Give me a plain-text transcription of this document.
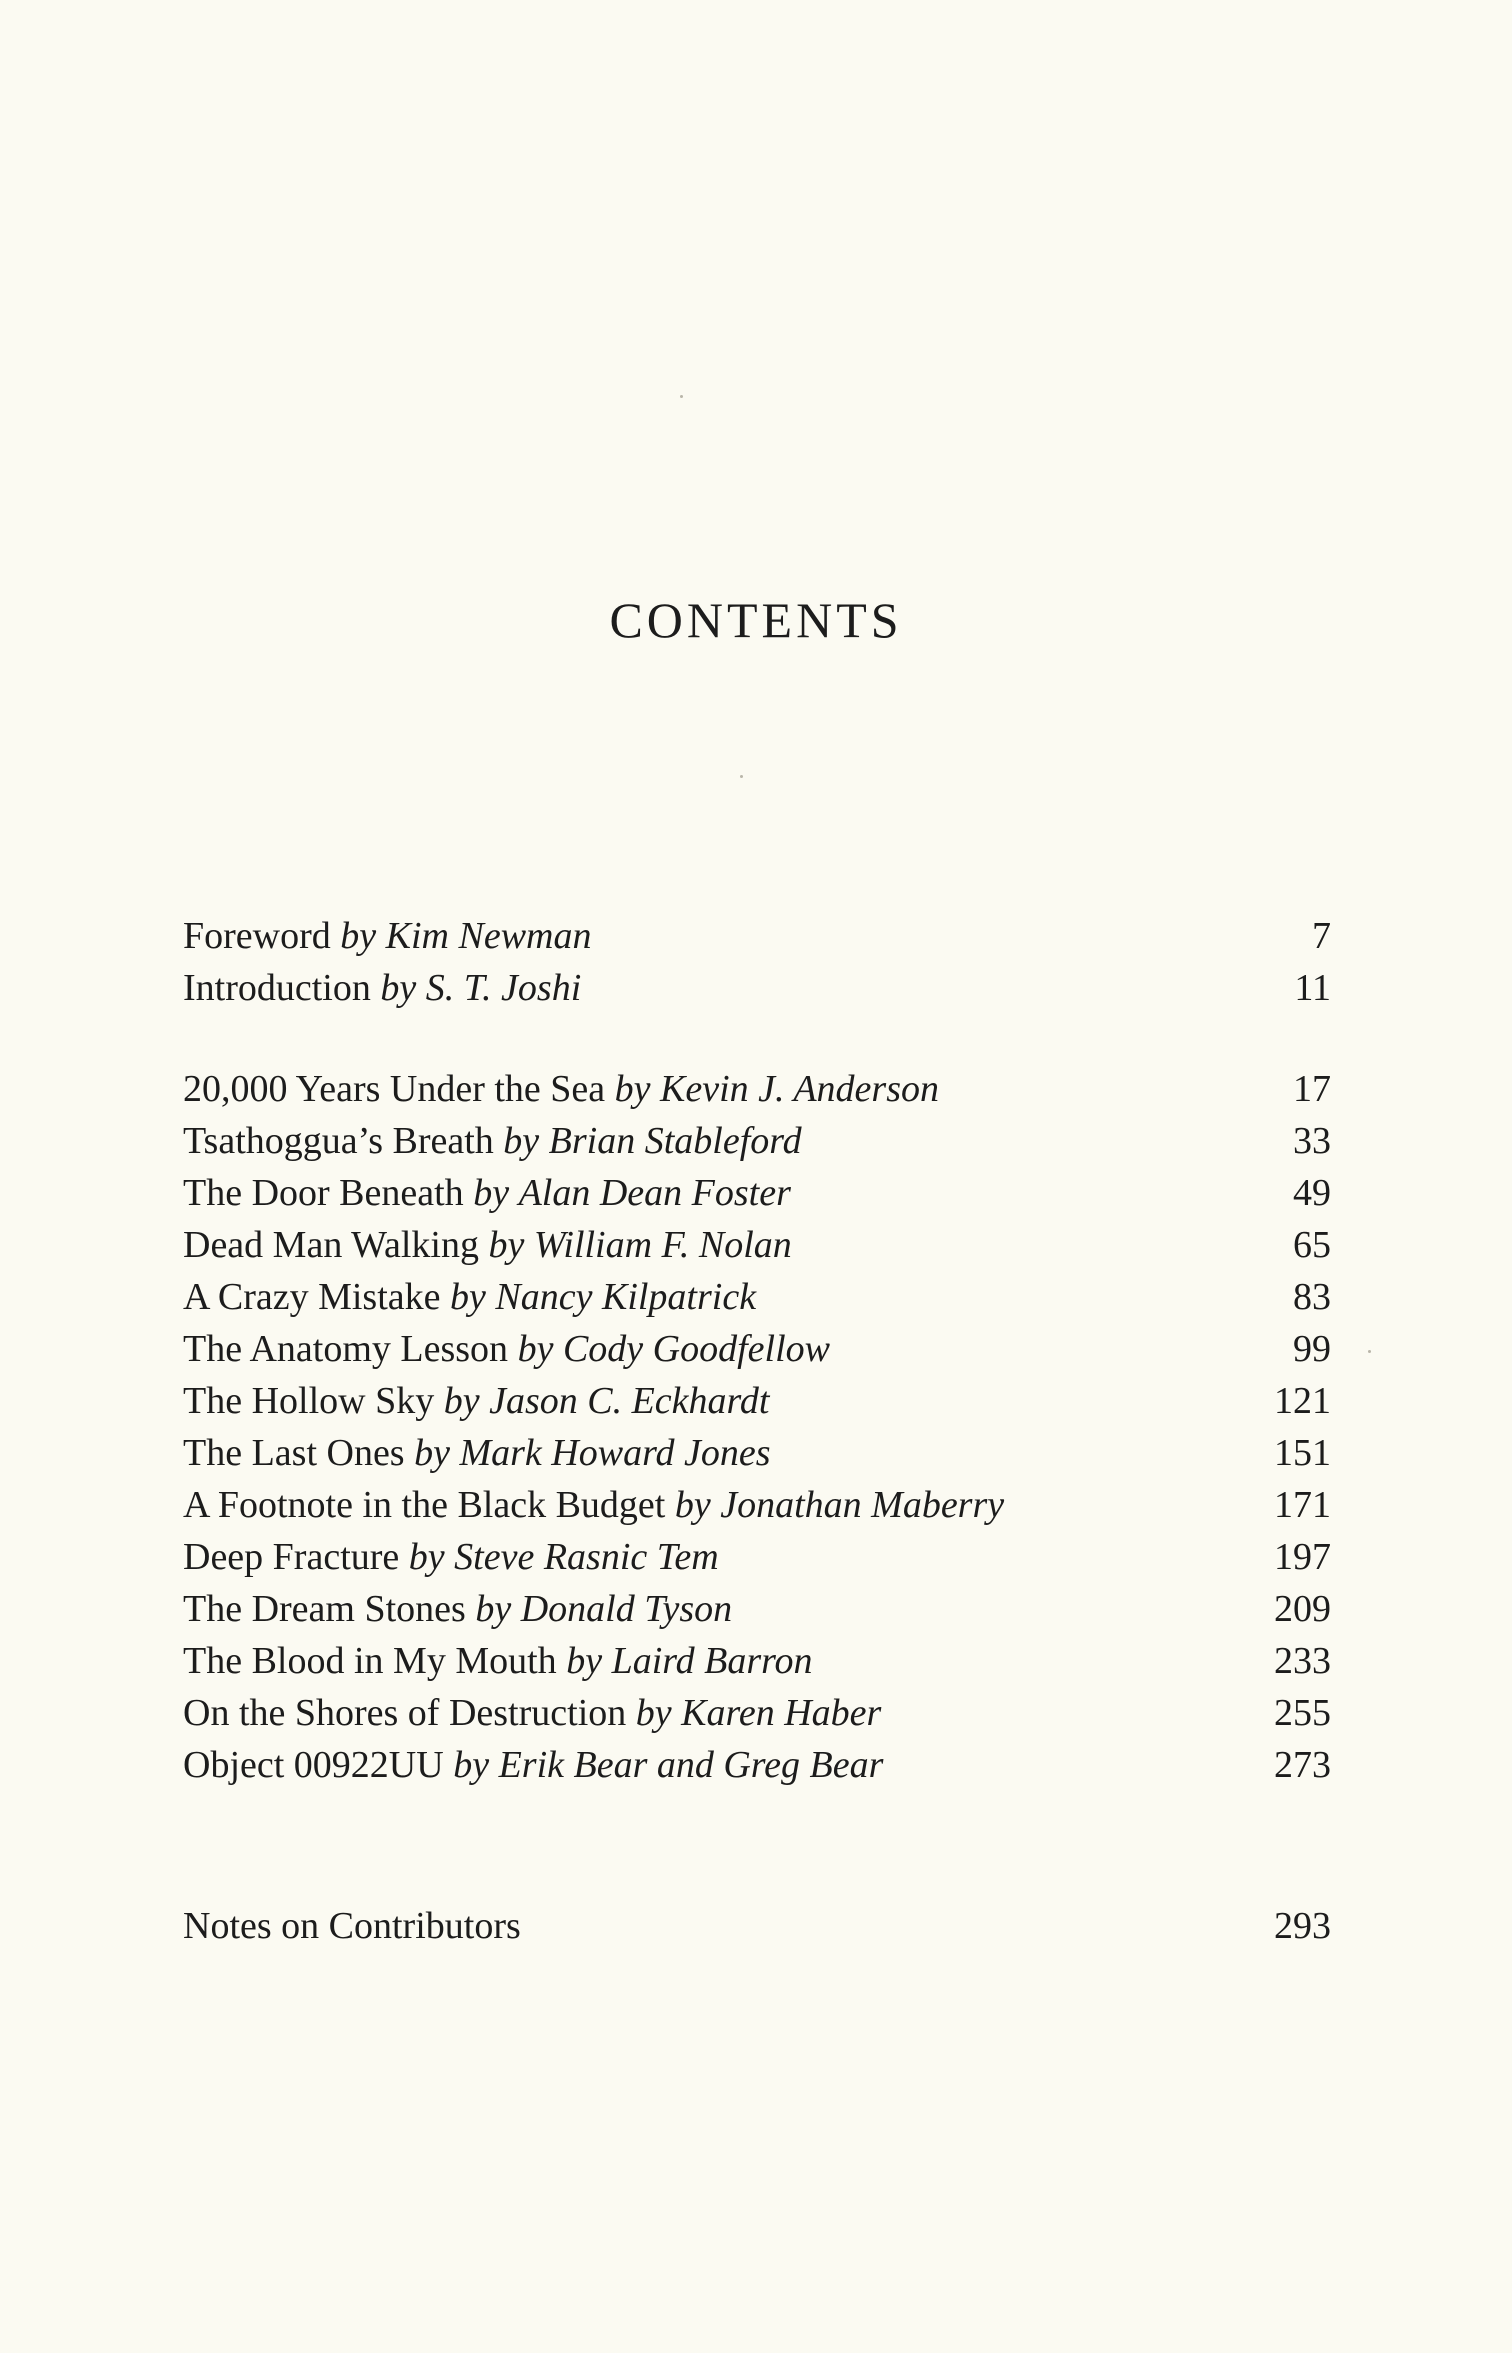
CONTENTS
Foreword by Kim Newman	7
Introduction by S. T. Joshi	11
20,000 Years Under the Sea by Kevin J. Anderson	17
Tsathoggua’s Breath by Brian Stableford	33
The Door Beneath by Alan Dean Foster	49
Dead Man Walking by William F. Nolan	65
A Crazy Mistake by Nancy Kilpatrick	83
The Anatomy Lesson by Cody Goodfellow	99
The Hollow Sky by Jason C. Eckhardt	121
The Last Ones by Mark Howard Jones	151
A Footnote in the Black Budget by Jonathan Maberry	171
Deep Fracture by Steve Rasnic Tem	197
The Dream Stones by Donald Tyson	209
The Blood in My Mouth by Laird Barron	233
On the Shores of Destruction by Karen Haber	255
Object 00922UU by Erik Bear and Greg Bear	273
Notes on Contributors	293
